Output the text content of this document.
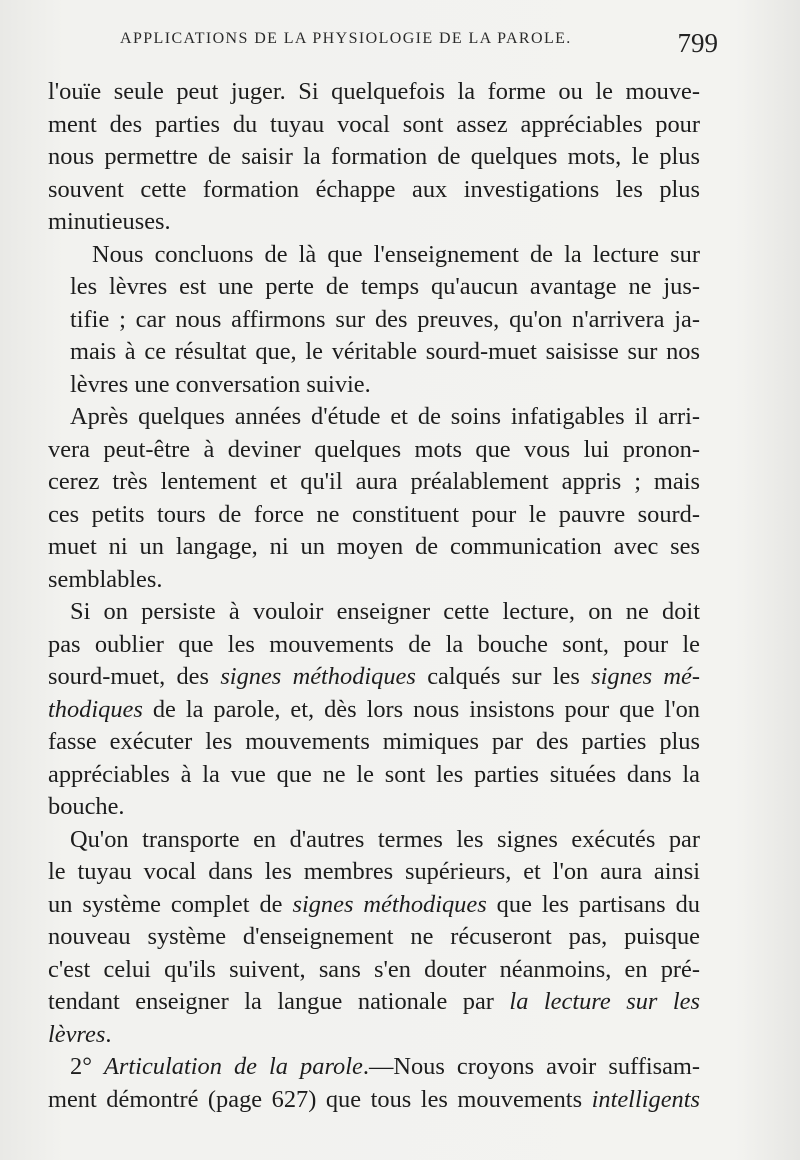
APPLICATIONS DE LA PHYSIOLOGIE DE LA PAROLE.	799

l'ouïe seule peut juger. Si quelquefois la forme ou le mouve-
ment des parties du tuyau vocal sont assez appréciables pour
nous permettre de saisir la formation de quelques mots, le plus
souvent cette formation échappe aux investigations les plus
minutieuses.

Nous concluons de là que l'enseignement de la lecture sur
les lèvres est une perte de temps qu'aucun avantage ne jus-
tifie ; car nous affirmons sur des preuves, qu'on n'arrivera ja-
mais à ce résultat que, le véritable sourd-muet saisisse sur nos
lèvres une conversation suivie.

Après quelques années d'étude et de soins infatigables il arri-
vera peut-être à deviner quelques mots que vous lui pronon-
cerez très lentement et qu'il aura préalablement appris ; mais
ces petits tours de force ne constituent pour le pauvre sourd-
muet ni un langage, ni un moyen de communication avec ses
semblables.

Si on persiste à vouloir enseigner cette lecture, on ne doit
pas oublier que les mouvements de la bouche sont, pour le
sourd-muet, des signes méthodiques calqués sur les signes mé-
thodiques de la parole, et, dès lors nous insistons pour que l'on
fasse exécuter les mouvements mimiques par des parties plus
appréciables à la vue que ne le sont les parties situées dans la
bouche.

Qu'on transporte en d'autres termes les signes exécutés par
le tuyau vocal dans les membres supérieurs, et l'on aura ainsi
un système complet de signes méthodiques que les partisans du
nouveau système d'enseignement ne récuseront pas, puisque
c'est celui qu'ils suivent, sans s'en douter néanmoins, en pré-
tendant enseigner la langue nationale par la lecture sur les
lèvres.

2° Articulation de la parole.—Nous croyons avoir suffisam-
ment démontré (page 627) que tous les mouvements intelligents
